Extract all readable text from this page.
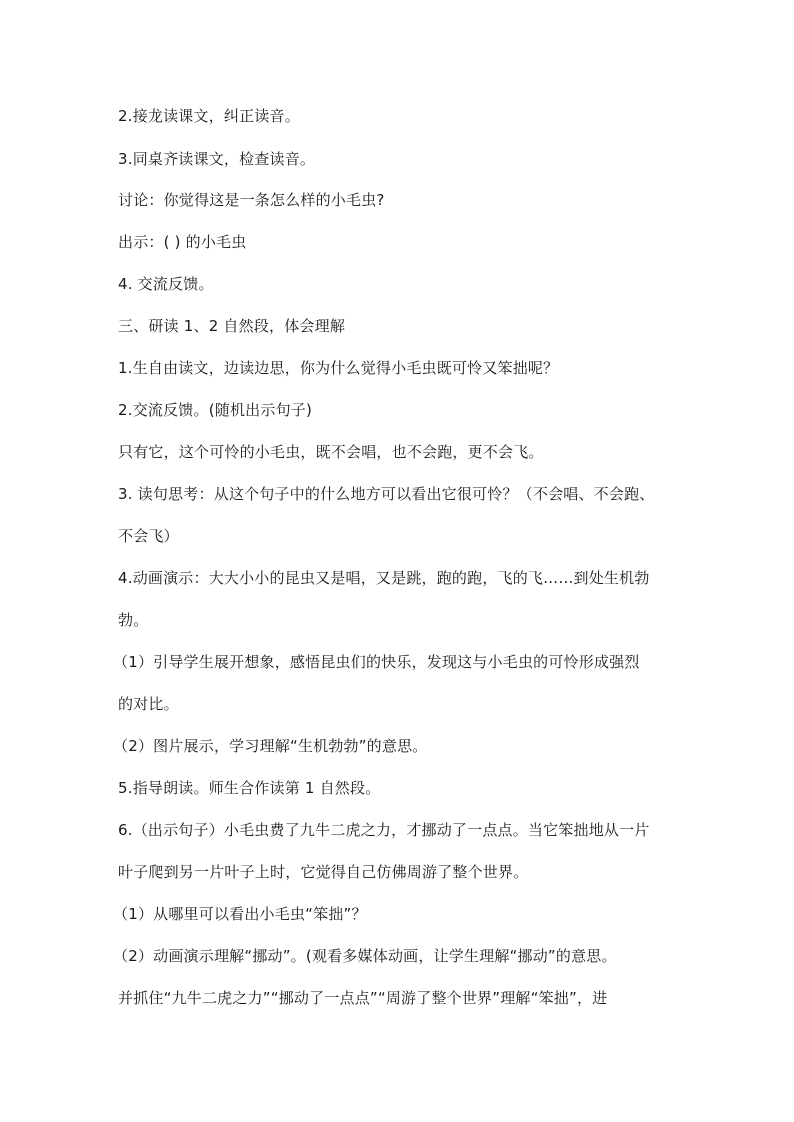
2.接龙读课文，纠正读音。

3.同桌齐读课文，检查读音。

讨论：你觉得这是一条怎么样的小毛虫?

出示：( ) 的小毛虫

4. 交流反馈。

三、研读 1、2 自然段，体会理解

1.生自由读文，边读边思，你为什么觉得小毛虫既可怜又笨拙呢？

2.交流反馈。(随机出示句子)

只有它，这个可怜的小毛虫，既不会唱，也不会跑，更不会飞。

3. 读句思考：从这个句子中的什么地方可以看出它很可怜？（不会唱、不会跑、

不会飞）

4.动画演示：大大小小的昆虫又是唱，又是跳，跑的跑，飞的飞……到处生机勃

勃。

（1）引导学生展开想象，感悟昆虫们的快乐，发现这与小毛虫的可怜形成强烈

的对比。

（2）图片展示，学习理解“生机勃勃”的意思。

5.指导朗读。师生合作读第 1 自然段。

6.（出示句子）小毛虫费了九牛二虎之力，才挪动了一点点。当它笨拙地从一片

叶子爬到另一片叶子上时，它觉得自己仿佛周游了整个世界。

（1）从哪里可以看出小毛虫“笨拙”？

（2）动画演示理解“挪动”。(观看多媒体动画，让学生理解“挪动”的意思。

并抓住“九牛二虎之力”“挪动了一点点”“周游了整个世界”理解“笨拙”，进
